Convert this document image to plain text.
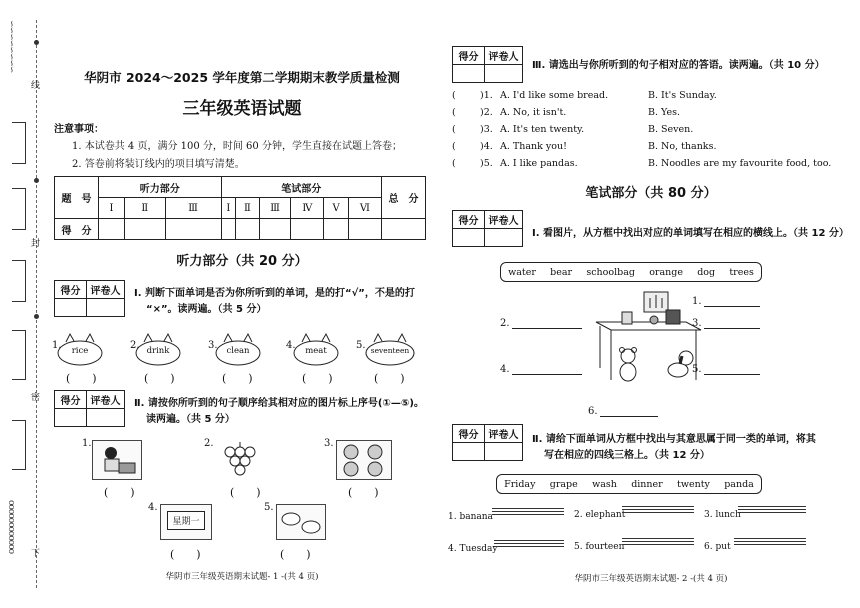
∽∽∽∽∽∽∽∽
线
封
密
oooooooooooo 下
华阴市 2024～2025 学年度第二学期期末教学质量检测
三年级英语试题
注意事项：
1. 本试卷共 4 页，满分 100 分，时间 60 分钟，学生直接在试题上答卷；
2. 答卷前将装订线内的项目填写清楚。
题　号	听力部分			笔试部分						总　分
	Ⅰ	Ⅱ	Ⅲ	Ⅰ	Ⅱ	Ⅲ	Ⅳ	Ⅴ	Ⅵ	
得　分										
听力部分（共 20 分）
得分	评卷人
	Ⅰ. 判断下面单词是否为你所听到的单词，是的打“√”，不是的打
“×”。读两遍。（共 5 分）
1.	2.	3.	4.	5.
rice	drink	clean	meat	seventeen
(　　)	(　　)	(　　)	(　　)	(　　)
得分	评卷人
	Ⅱ. 请按你所听到的句子顺序给其相对应的图片标上序号(①—⑤)。
读两遍。（共 5 分）
1.	2.	3.
(　　)	(　　)	(　　)
4.
星期一
5.
(　　)	(　　)
华阴市三年级英语期末试题- 1 -(共 4 页)
得分	评卷人

Ⅲ. 请选出与你所听到的句子相对应的答语。读两遍。（共 10 分）
(	)1. A. I'd like some bread.	B. It's Sunday.
(	)2. A. No, it isn't.	B. Yes.
(	)3. A. It's ten twenty.	B. Seven.
(	)4. A. Thank you!	B. No, thanks.
(	)5. A. I like pandas.	B. Noodles are my favourite food, too.
笔试部分（共 80 分）
得分	评卷人

Ⅰ. 看图片，从方框中找出对应的单词填写在相应的横线上。（共 12 分）
water bear schoolbag orange dog trees
1.
2.	3.
4.	5.
6.
得分	评卷人
	Ⅱ. 请给下面单词从方框中找出与其意思属于同一类的单词，将其
写在相应的四线三格上。（共 12 分）
Friday grape wash dinner twenty panda
1. banana	2. elephant	3. lunch
4. Tuesday	5. fourteen	6. put
华阴市三年级英语期末试题- 2 -(共 4 页)
